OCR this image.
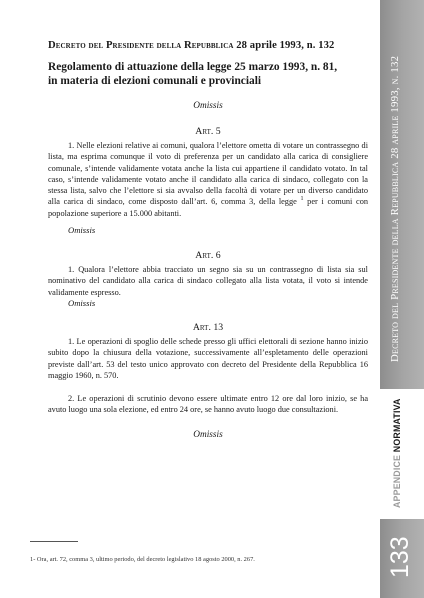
Decreto del Presidente della Repubblica 28 aprile 1993, n. 132
Regolamento di attuazione della legge 25 marzo 1993, n. 81, in materia di elezioni comunali e provinciali
Omissis
Art. 5
1. Nelle elezioni relative ai comuni, qualora l’elettore ometta di votare un contrassegno di lista, ma esprima comunque il voto di preferenza per un candidato alla carica di consigliere comunale, s’intende validamente votata anche la lista cui appartiene il candidato votato. In tal caso, s’intende validamente votato anche il candidato alla carica di sindaco, collegato con la stessa lista, salvo che l’elettore si sia avvalso della facoltà di votare per un diverso candidato alla carica di sindaco, come disposto dall’art. 6, comma 3, della legge $^1$ per i comuni con popolazione superiore a 15.000 abitanti.
Omissis
Art. 6
1. Qualora l’elettore abbia tracciato un segno sia su un contrassegno di lista sia sul nominativo del candidato alla carica di sindaco collegato alla lista votata, il voto si intende validamente espresso.
Omissis
Art. 13
1. Le operazioni di spoglio delle schede presso gli uffici elettorali di sezione hanno inizio subito dopo la chiusura della votazione, successivamente all’espletamento delle operazioni previste dall’art. 53 del testo unico approvato con decreto del Presidente della Repubblica 16 maggio 1960, n. 570.
2. Le operazioni di scrutinio devono essere ultimate entro 12 ore dal loro inizio, se ha avuto luogo una sola elezione, ed entro 24 ore, se hanno avuto luogo due consultazioni.
Omissis
1- Ora, art. 72, comma 3, ultimo periodo, del decreto legislativo 18 agosto 2000, n. 267.
Decreto del Presidente della Repubblica 28 aprile 1993, n. 132
APPENDICE NORMATIVA
133
